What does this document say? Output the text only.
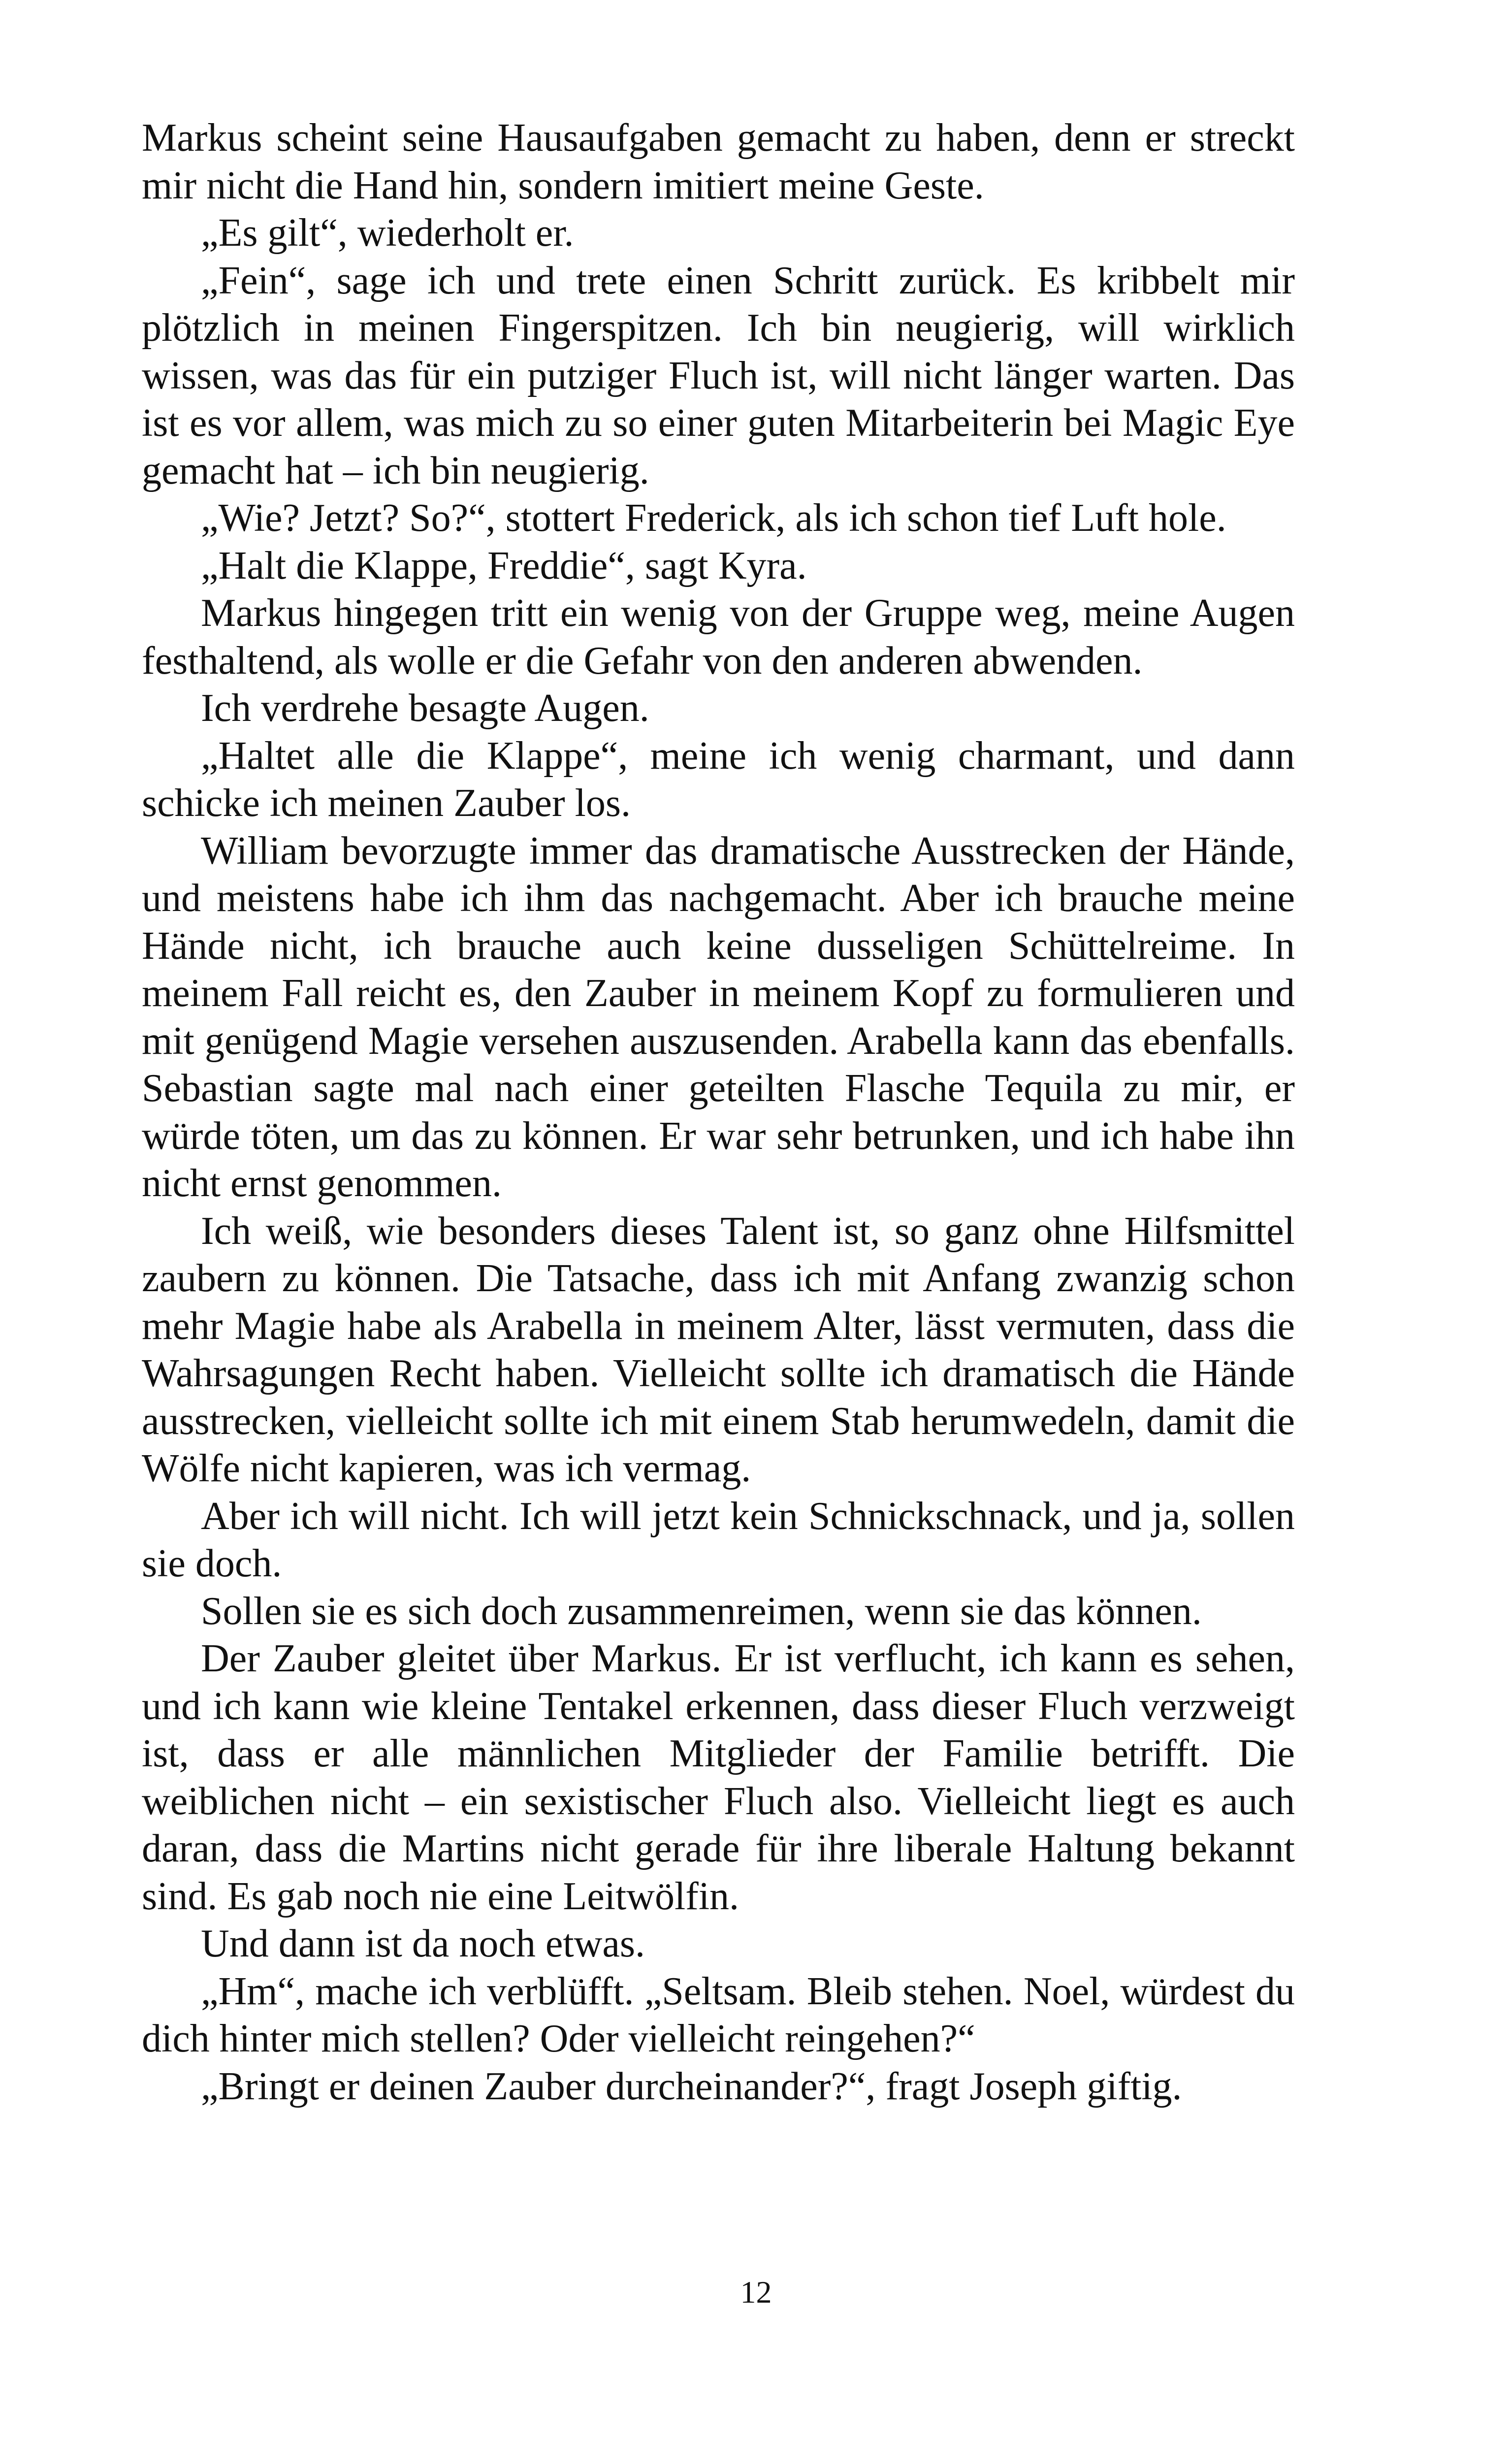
Markus scheint seine Hausaufgaben gemacht zu haben, denn er streckt mir nicht die Hand hin, sondern imitiert meine Geste.

„Es gilt“, wiederholt er.

„Fein“, sage ich und trete einen Schritt zurück. Es kribbelt mir plötzlich in meinen Fingerspitzen. Ich bin neugierig, will wirklich wissen, was das für ein putziger Fluch ist, will nicht länger warten. Das ist es vor allem, was mich zu so einer guten Mitarbeiterin bei Magic Eye gemacht hat – ich bin neugierig.

„Wie? Jetzt? So?“, stottert Frederick, als ich schon tief Luft hole.

„Halt die Klappe, Freddie“, sagt Kyra.

Markus hingegen tritt ein wenig von der Gruppe weg, meine Augen festhaltend, als wolle er die Gefahr von den anderen abwenden.

Ich verdrehe besagte Augen.

„Haltet alle die Klappe“, meine ich wenig charmant, und dann schicke ich meinen Zauber los.

William bevorzugte immer das dramatische Ausstrecken der Hände, und meistens habe ich ihm das nachgemacht. Aber ich brauche meine Hände nicht, ich brauche auch keine dusseligen Schüttelreime. In meinem Fall reicht es, den Zauber in meinem Kopf zu formulieren und mit genügend Magie versehen auszusenden. Arabella kann das ebenfalls. Sebastian sagte mal nach einer geteilten Flasche Tequila zu mir, er würde töten, um das zu können. Er war sehr betrunken, und ich habe ihn nicht ernst genommen.

Ich weiß, wie besonders dieses Talent ist, so ganz ohne Hilfsmittel zaubern zu können. Die Tatsache, dass ich mit Anfang zwanzig schon mehr Magie habe als Arabella in meinem Alter, lässt vermuten, dass die Wahrsagungen Recht haben. Vielleicht sollte ich dramatisch die Hände ausstrecken, vielleicht sollte ich mit einem Stab herumwedeln, damit die Wölfe nicht kapieren, was ich vermag.

Aber ich will nicht. Ich will jetzt kein Schnickschnack, und ja, sollen sie doch.

Sollen sie es sich doch zusammenreimen, wenn sie das können.

Der Zauber gleitet über Markus. Er ist verflucht, ich kann es sehen, und ich kann wie kleine Tentakel erkennen, dass dieser Fluch verzweigt ist, dass er alle männlichen Mitglieder der Familie betrifft. Die weiblichen nicht – ein sexistischer Fluch also. Vielleicht liegt es auch daran, dass die Martins nicht gerade für ihre liberale Haltung bekannt sind. Es gab noch nie eine Leitwölfin.

Und dann ist da noch etwas.

„Hm“, mache ich verblüfft. „Seltsam. Bleib stehen. Noel, würdest du dich hinter mich stellen? Oder vielleicht reingehen?“

„Bringt er deinen Zauber durcheinander?“, fragt Joseph giftig.

12
